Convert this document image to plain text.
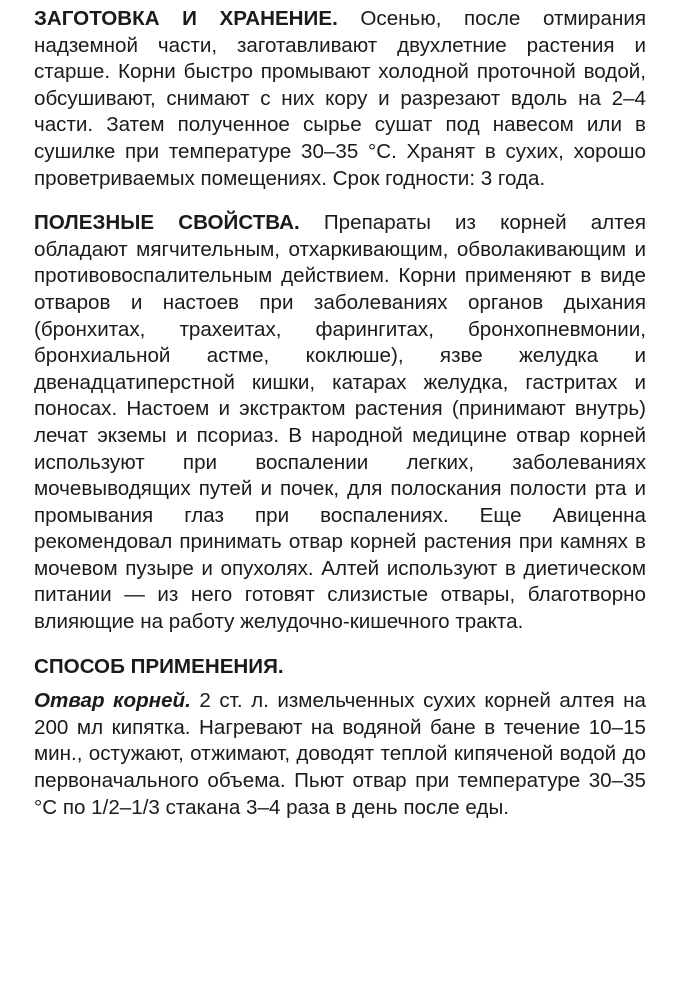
ЗАГОТОВКА И ХРАНЕНИЕ. Осенью, после отмирания надземной части, заготавливают двухлетние растения и старше. Корни быстро промывают холодной проточной водой, обсушивают, снимают с них кору и разрезают вдоль на 2–4 части. Затем полученное сырье сушат под навесом или в сушилке при температуре 30–35 °С. Хранят в сухих, хорошо проветриваемых помещениях. Срок годности: 3 года.

ПОЛЕЗНЫЕ СВОЙСТВА. Препараты из корней алтея обладают мягчительным, отхаркивающим, обволакивающим и противовоспалительным действием. Корни применяют в виде отваров и настоев при заболеваниях органов дыхания (бронхитах, трахеитах, фарингитах, бронхопневмонии, бронхиальной астме, коклюше), язве желудка и двенадцатиперстной кишки, катарах желудка, гастритах и поносах. Настоем и экстрактом растения (принимают внутрь) лечат экземы и псориаз. В народной медицине отвар корней используют при воспалении легких, заболеваниях мочевыводящих путей и почек, для полоскания полости рта и промывания глаз при воспалениях. Еще Авиценна рекомендовал принимать отвар корней растения при камнях в мочевом пузыре и опухолях. Алтей используют в диетическом питании — из него готовят слизистые отвары, благотворно влияющие на работу желудочно-кишечного тракта.

СПОСОБ ПРИМЕНЕНИЯ.

Отвар корней. 2 ст. л. измельченных сухих корней алтея на 200 мл кипятка. Нагревают на водяной бане в течение 10–15 мин., остужают, отжимают, доводят теплой кипяченой водой до первоначального объема. Пьют отвар при температуре 30–35 °С по 1/2–1/3 стакана 3–4 раза в день после еды.
